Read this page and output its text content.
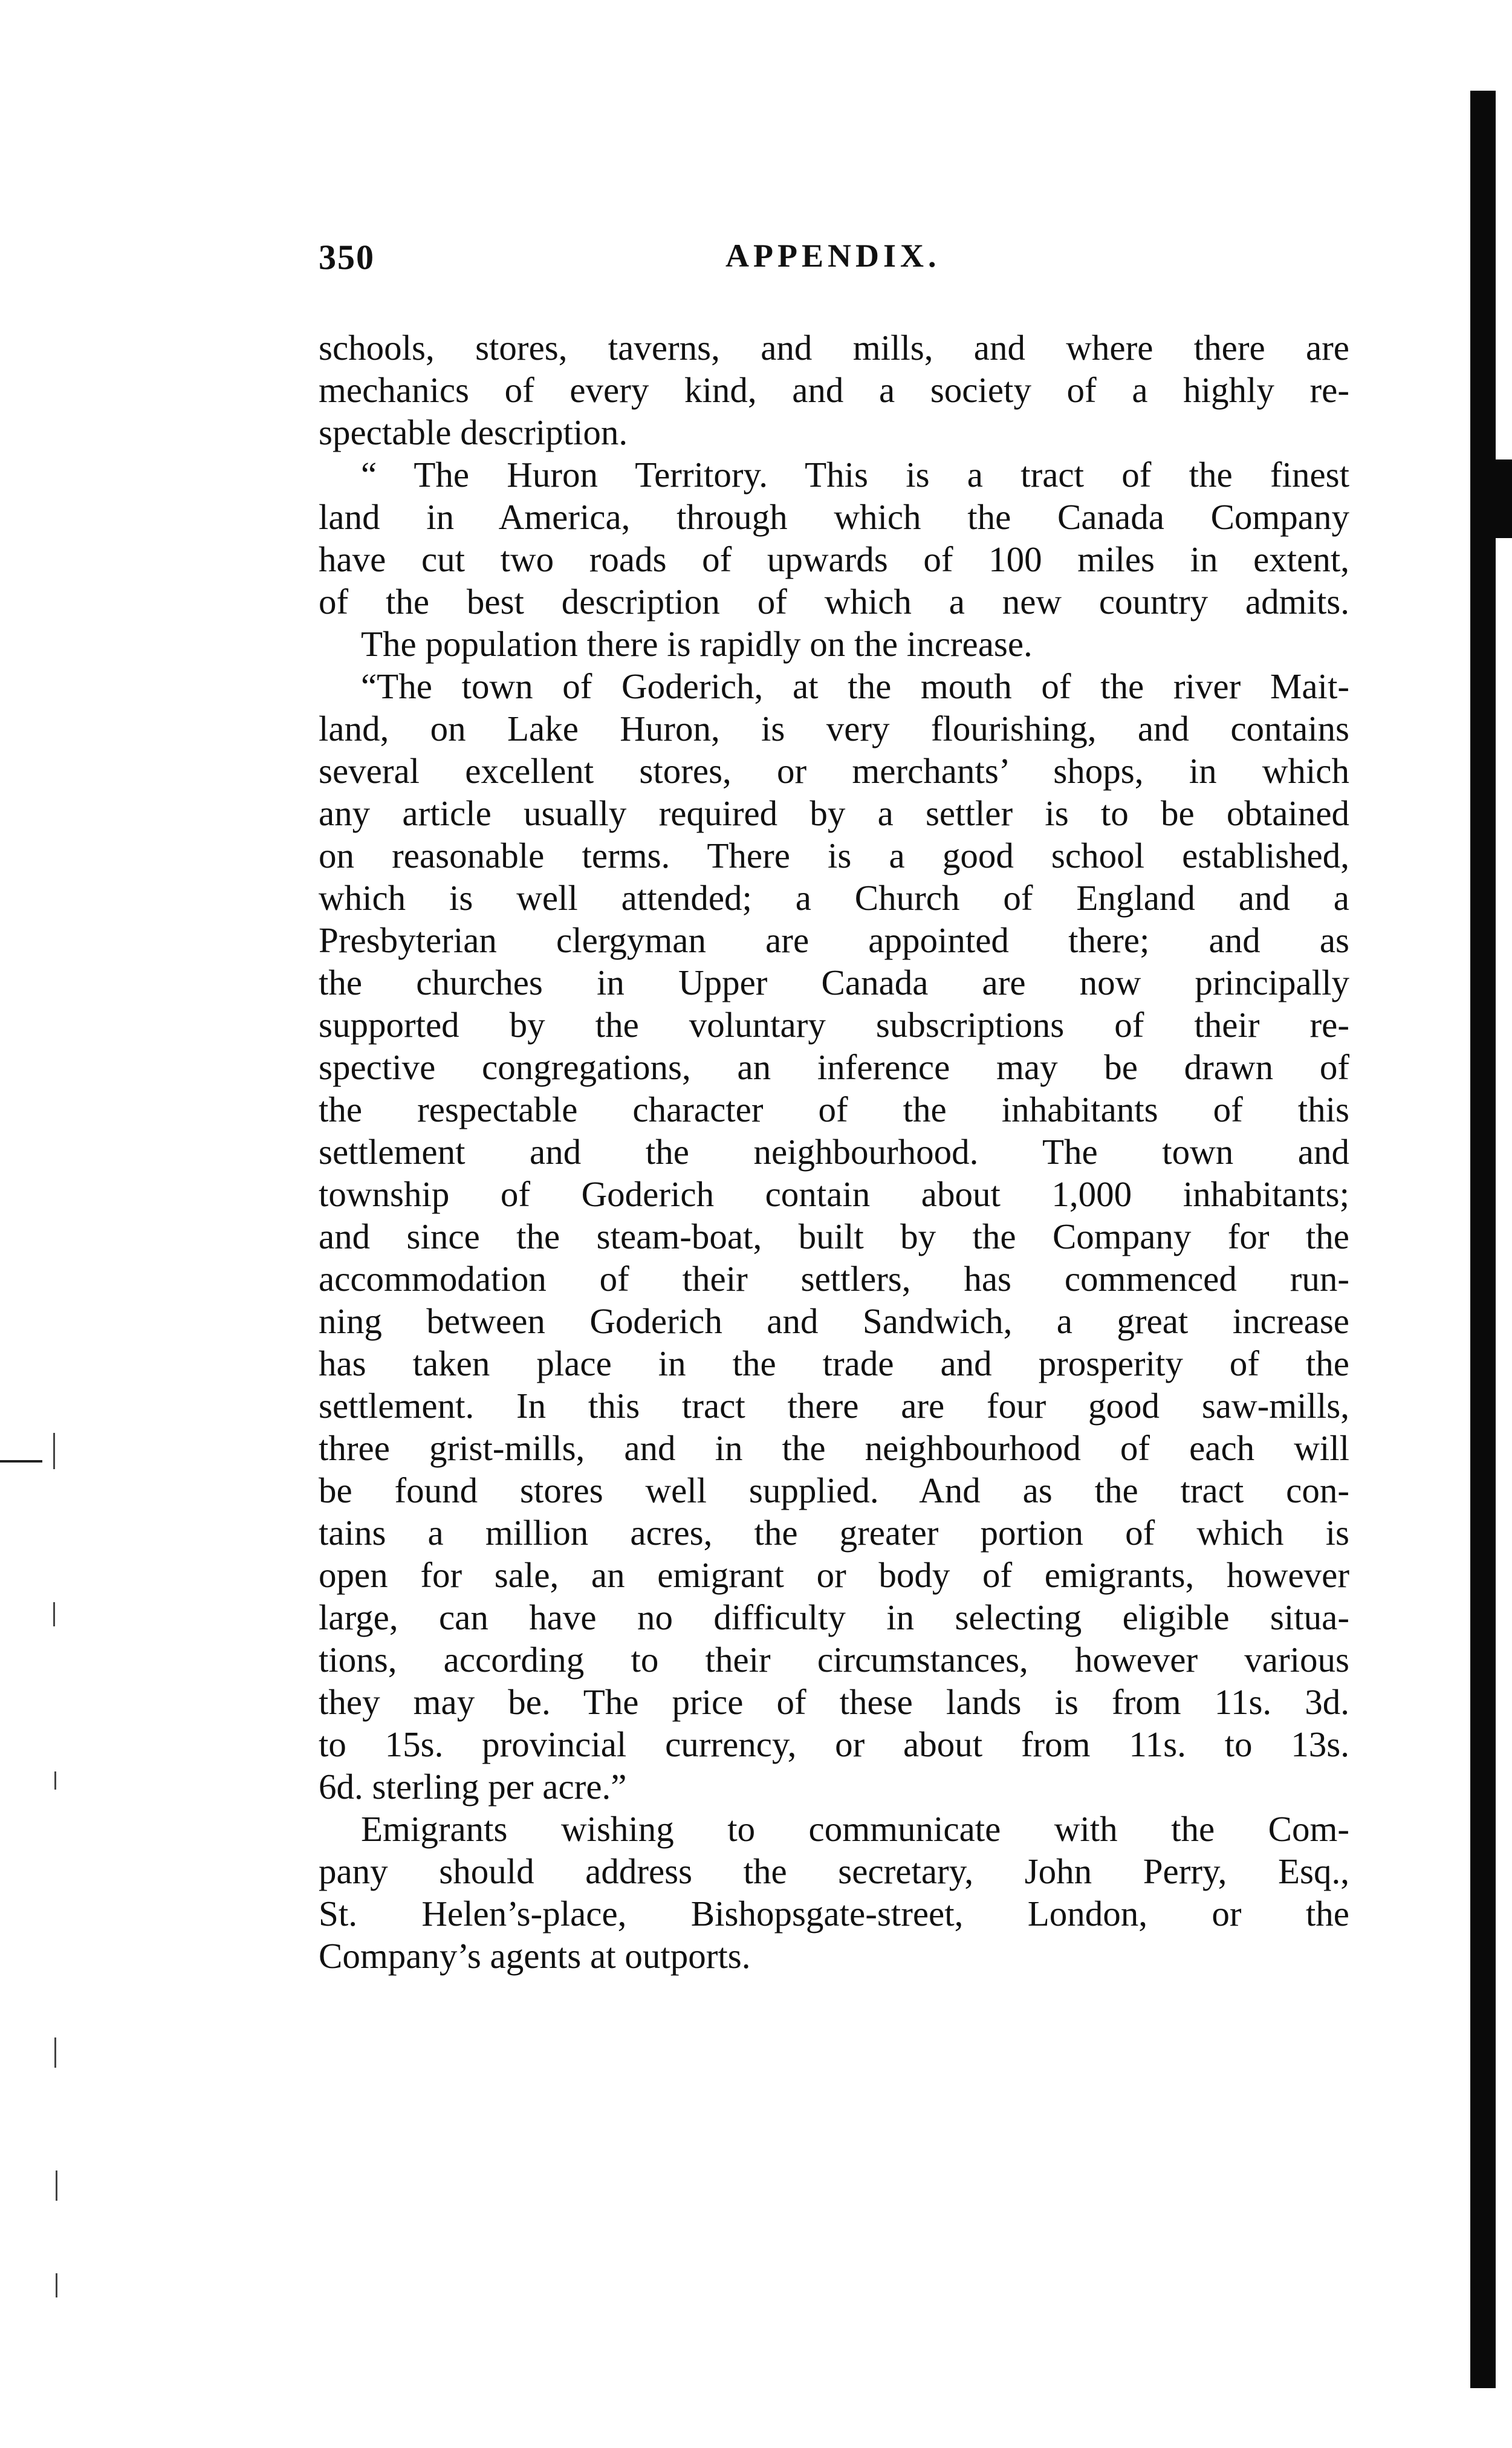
350	APPENDIX.
schools, stores, taverns, and mills, and where there are
mechanics of every kind, and a society of a highly re-
spectable description.
“ The Huron Territory. This is a tract of the finest
land in America, through which the Canada Company
have cut two roads of upwards of 100 miles in extent,
of the best description of which a new country admits.
The population there is rapidly on the increase.
“The town of Goderich, at the mouth of the river Mait-
land, on Lake Huron, is very flourishing, and contains
several excellent stores, or merchants’ shops, in which
any article usually required by a settler is to be obtained
on reasonable terms. There is a good school established,
which is well attended; a Church of England and a
Presbyterian clergyman are appointed there; and as
the churches in Upper Canada are now principally
supported by the voluntary subscriptions of their re-
spective congregations, an inference may be drawn of
the respectable character of the inhabitants of this
settlement and the neighbourhood. The town and
township of Goderich contain about 1,000 inhabitants;
and since the steam-boat, built by the Company for the
accommodation of their settlers, has commenced run-
ning between Goderich and Sandwich, a great increase
has taken place in the trade and prosperity of the
settlement. In this tract there are four good saw-mills,
three grist-mills, and in the neighbourhood of each will
be found stores well supplied. And as the tract con-
tains a million acres, the greater portion of which is
open for sale, an emigrant or body of emigrants, however
large, can have no difficulty in selecting eligible situa-
tions, according to their circumstances, however various
they may be. The price of these lands is from 11s. 3d.
to 15s. provincial currency, or about from 11s. to 13s.
6d. sterling per acre.”
Emigrants wishing to communicate with the Com-
pany should address the secretary, John Perry, Esq.,
St. Helen’s-place, Bishopsgate-street, London, or the
Company’s agents at outports.
